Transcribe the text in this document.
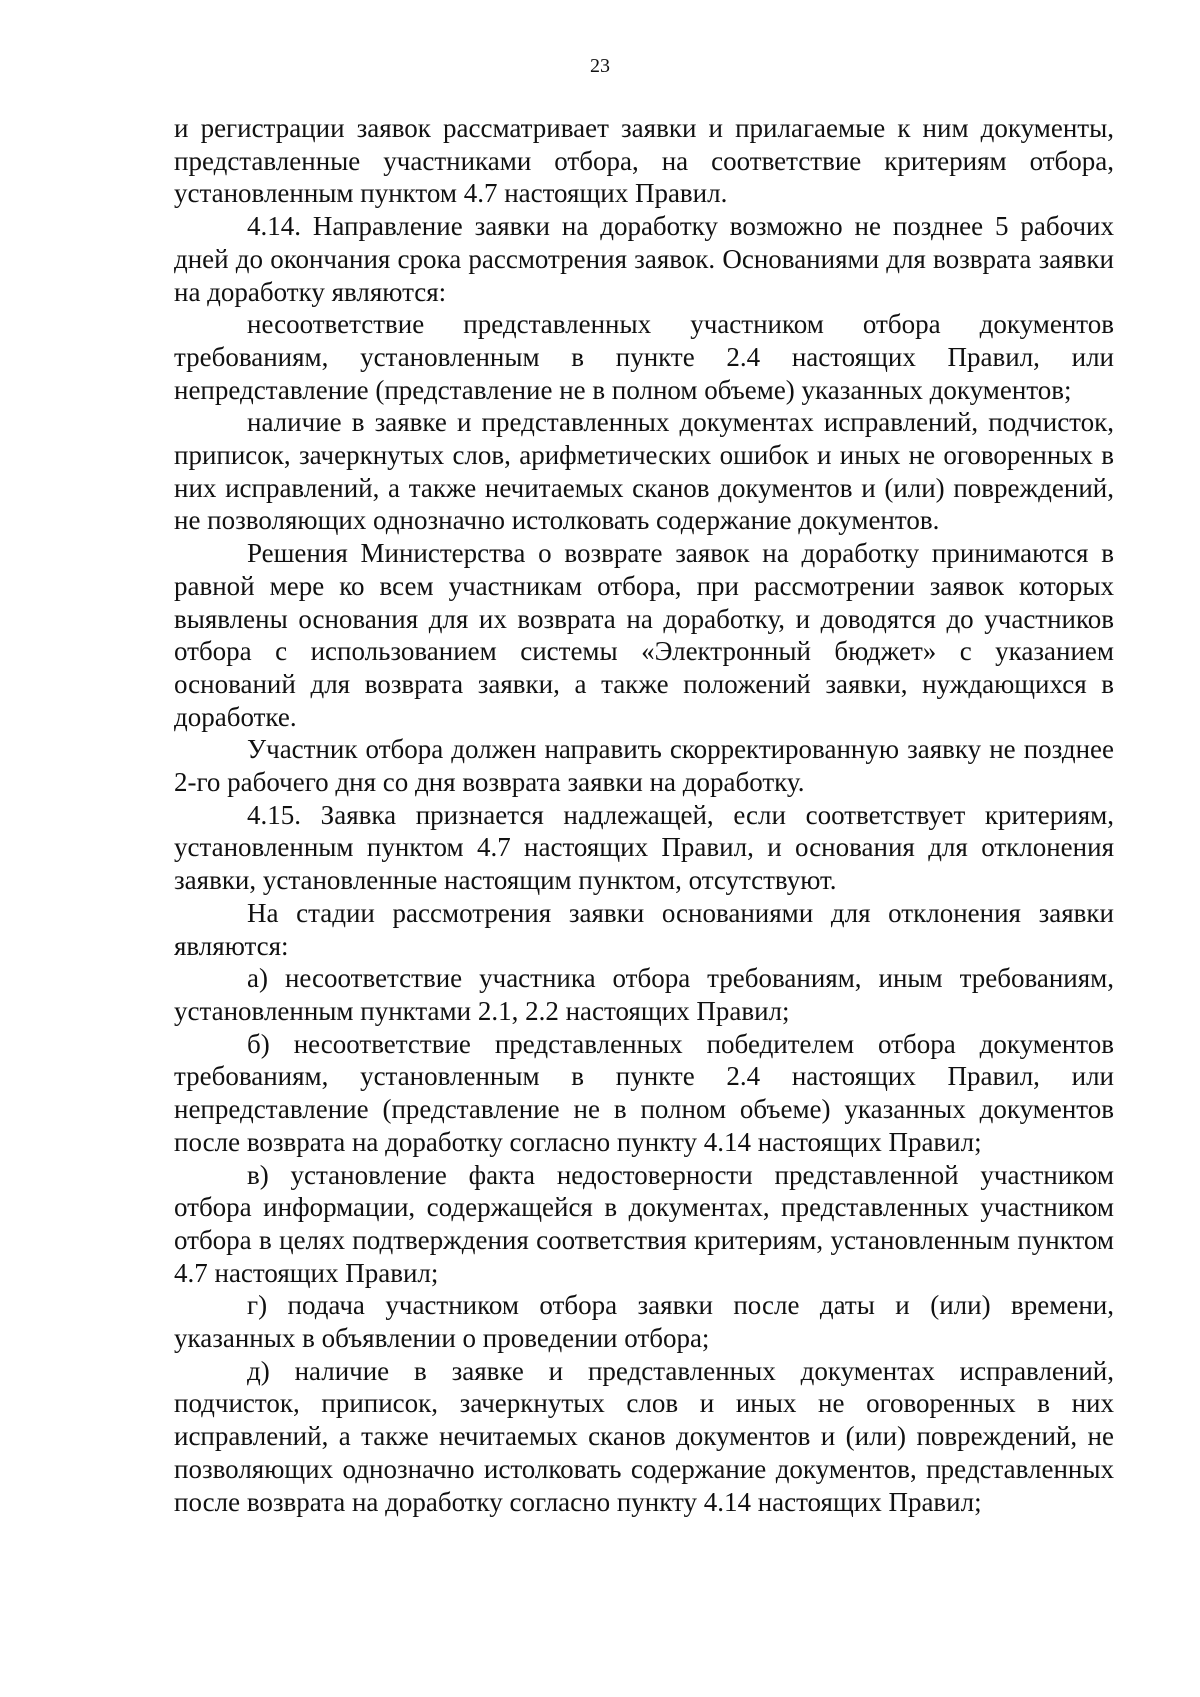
23

и регистрации заявок рассматривает заявки и прилагаемые к ним документы, представленные участниками отбора, на соответствие критериям отбора, установленным пунктом 4.7 настоящих Правил.

4.14. Направление заявки на доработку возможно не позднее 5 рабочих дней до окончания срока рассмотрения заявок. Основаниями для возврата заявки на доработку являются:

несоответствие представленных участником отбора документов требованиям, установленным в пункте 2.4 настоящих Правил, или непредставление (представление не в полном объеме) указанных документов;

наличие в заявке и представленных документах исправлений, подчисток, приписок, зачеркнутых слов, арифметических ошибок и иных не оговоренных в них исправлений, а также нечитаемых сканов документов и (или) повреждений, не позволяющих однозначно истолковать содержание документов.

Решения Министерства о возврате заявок на доработку принимаются в равной мере ко всем участникам отбора, при рассмотрении заявок которых выявлены основания для их возврата на доработку, и доводятся до участников отбора с использованием системы «Электронный бюджет» с указанием оснований для возврата заявки, а также положений заявки, нуждающихся в доработке.

Участник отбора должен направить скорректированную заявку не позднее 2-го рабочего дня со дня возврата заявки на доработку.

4.15. Заявка признается надлежащей, если соответствует критериям, установленным пунктом 4.7 настоящих Правил, и основания для отклонения заявки, установленные настоящим пунктом, отсутствуют.

На стадии рассмотрения заявки основаниями для отклонения заявки являются:

а) несоответствие участника отбора требованиям, иным требованиям, установленным пунктами 2.1, 2.2 настоящих Правил;

б) несоответствие представленных победителем отбора документов требованиям, установленным в пункте 2.4 настоящих Правил, или непредставление (представление не в полном объеме) указанных документов после возврата на доработку согласно пункту 4.14 настоящих Правил;

в) установление факта недостоверности представленной участником отбора информации, содержащейся в документах, представленных участником отбора в целях подтверждения соответствия критериям, установленным пунктом 4.7 настоящих Правил;

г) подача участником отбора заявки после даты и (или) времени, указанных в объявлении о проведении отбора;

д) наличие в заявке и представленных документах исправлений, подчисток, приписок, зачеркнутых слов и иных не оговоренных в них исправлений, а также нечитаемых сканов документов и (или) повреждений, не позволяющих однозначно истолковать содержание документов, представленных после возврата на доработку согласно пункту 4.14 настоящих Правил;
